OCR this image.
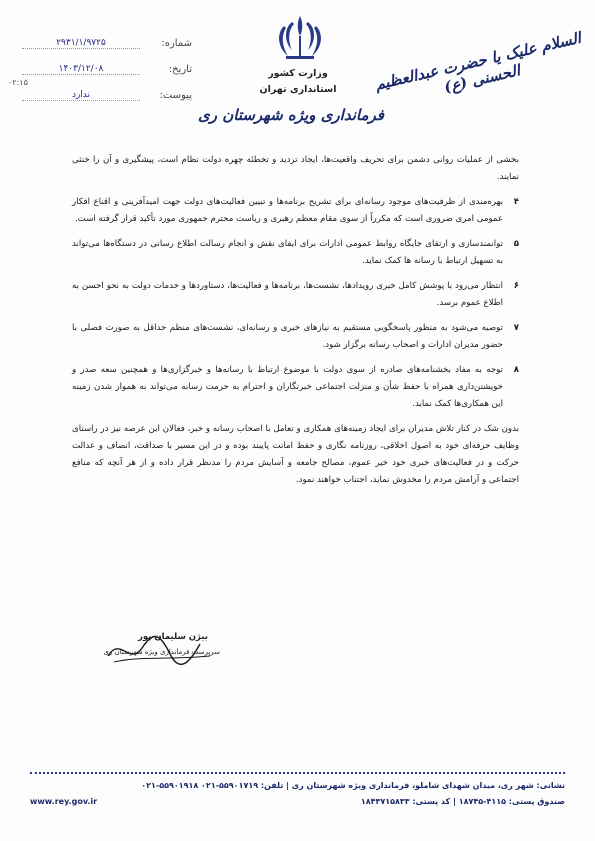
شماره:
۲۹۳۱/۱/۹۷۲۵
تاریخ:
۱۴۰۳/۱۲/۰۸
پیوست:
ندارد
۰۲:۱۵
وزارت کشور
استانداری تهران
فرمانداری ویژه شهرستان ری
السلام علیک یا حضرت عبدالعظیم الحسنی (ع)

بخشی از عملیات روانی دشمن برای تحریف واقعیت‌ها، ایجاد تردید و تخطئه چهره دولت نظام است، پیشگیری و آن را خنثی نمایند.

۴
بهره‌مندی از ظرفیت‌های موجود رسانه‌ای برای تشریح برنامه‌ها و تبیین فعالیت‌های دولت جهت امیدآفرینی و اقناع افکار عمومی امری ضروری است که مکرراً از سوی مقام معظم رهبری و ریاست محترم جمهوری مورد تأکید قرار گرفته است.
۵
توانمندسازی و ارتقای جایگاه روابط عمومی ادارات برای ایفای نقش و انجام رسالت اطلاع رسانی در دستگاه‌ها می‌تواند به تسهیل ارتباط با رسانه ها کمک نماید.
۶
انتظار می‌رود با پوشش کامل خبری رویدادها، نشست‌ها، برنامه‌ها و فعالیت‌ها، دستاوردها و خدمات دولت به نحو احسن به اطلاع عموم برسد.
۷
توصیه می‌شود به منظور پاسخگویی مستقیم به نیازهای خبری و رسانه‌ای، نشست‌های منظم حداقل به صورت فصلی با حضور مدیران ادارات و اصحاب رسانه برگزار شود.
۸
توجه به مفاد بخشنامه‌های صادره از سوی دولت با موضوع ارتباط با رسانه‌ها و خبرگزاری‌ها و همچنین سعه صدر و خویشتن‌داری همراه با حفظ شأن و منزلت اجتماعی خبرنگاران و احترام به حرمت رسانه می‌تواند به هموار شدن زمینه این همکاری‌ها کمک نماید.

بدون شک در کنار تلاش مدیران برای ایجاد زمینه‌های همکاری و تعامل با اصحاب رسانه و خبر، فعالان این عرصه نیز در راستای وظایف حرفه‌ای خود به اصول اخلاقی، روزنامه نگاری و حفظ امانت پایبند بوده و در این مسیر با صداقت، انصاف و عدالت حرکت و در فعالیت‌های خبری خود خیر عموم، مصالح جامعه و آسایش مردم را مدنظر قرار داده و از هر آنچه که منافع اجتماعی و آرامش مردم را مخدوش نماید، اجتناب خواهند نمود.

بیژن سلیمان پور
سرپرست فرمانداری ویژه شهرستان ری
نشانی: شهر ری، میدان شهدای شاملو، فرمانداری ویژه شهرستان ری | تلفن: ۵۵۹۰۱۷۱۹-۰۲۱ ۵۵۹۰۱۹۱۸-۰۲۱
صندوق پستی: ۴۱۱۵-۱۸۷۴۵ | کد پستی: ۱۸۴۳۷۱۵۸۳۳
www.rey.gov.ir
